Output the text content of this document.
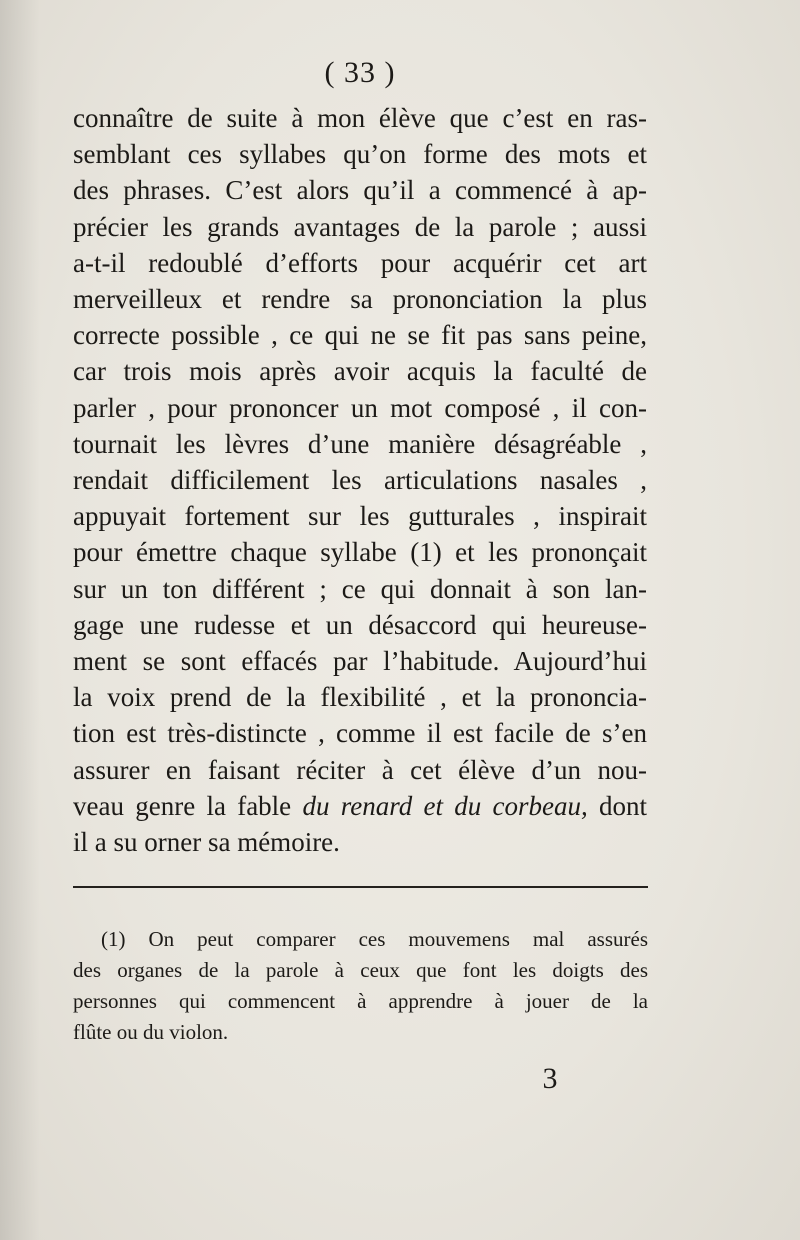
( 33 )
connaître de suite à mon élève que c’est en ras-
semblant ces syllabes qu’on forme des mots et
des phrases. C’est alors qu’il a commencé à ap-
précier les grands avantages de la parole ; aussi
a-t-il redoublé d’efforts pour acquérir cet art
merveilleux et rendre sa prononciation la plus
correcte possible , ce qui ne se fit pas sans peine,
car trois mois après avoir acquis la faculté de
parler , pour prononcer un mot composé , il con-
tournait les lèvres d’une manière désagréable ,
rendait difficilement les articulations nasales ,
appuyait fortement sur les gutturales , inspirait
pour émettre chaque syllabe (1) et les prononçait
sur un ton différent ; ce qui donnait à son lan-
gage une rudesse et un désaccord qui heureuse-
ment se sont effacés par l’habitude. Aujourd’hui
la voix prend de la flexibilité , et la prononcia-
tion est très-distincte , comme il est facile de s’en
assurer en faisant réciter à cet élève d’un nou-
veau genre la fable du renard et du corbeau, dont
il a su orner sa mémoire.
(1) On peut comparer ces mouvemens mal assurés
des organes de la parole à ceux que font les doigts des
personnes qui commencent à apprendre à jouer de la
flûte ou du violon.
3
